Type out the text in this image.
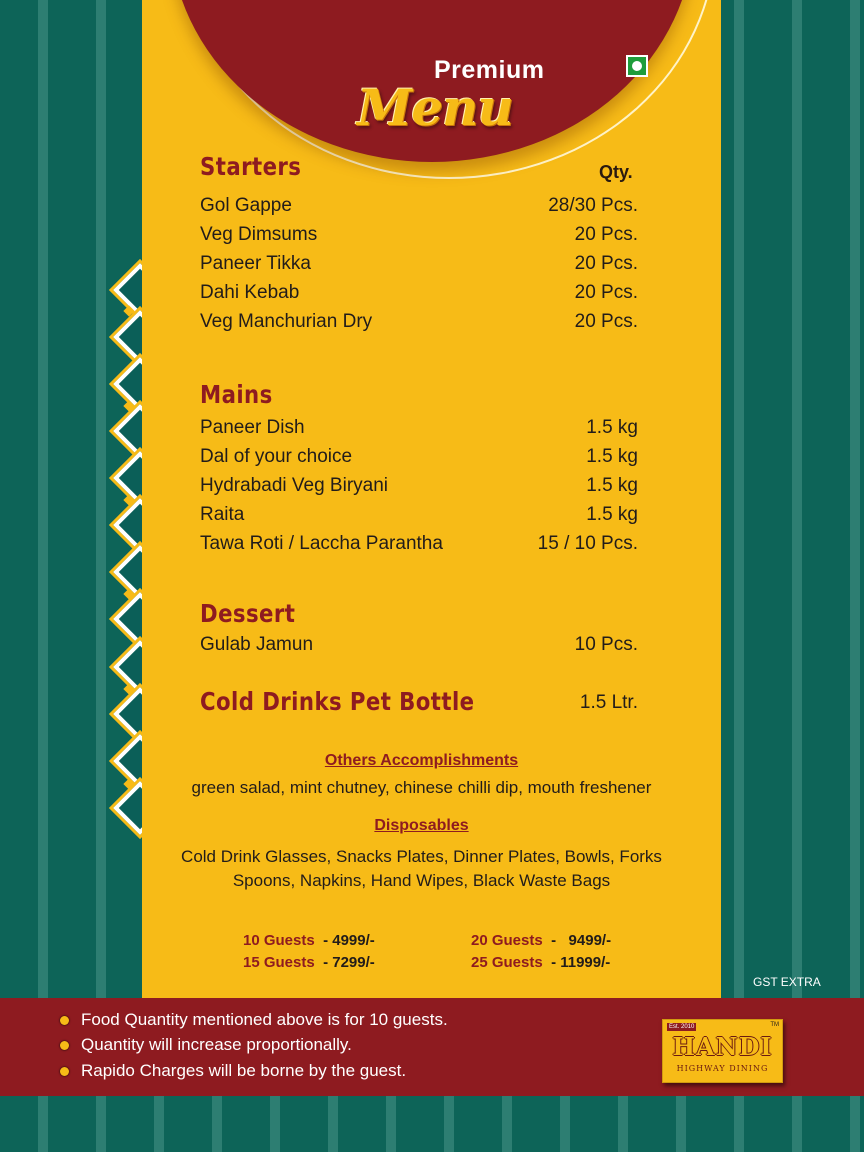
Premium
Menu
Starters	Qty.
Gol Gappe	28/30 Pcs.
Veg Dimsums	20 Pcs.
Paneer Tikka	20 Pcs.
Dahi Kebab	20 Pcs.
Veg Manchurian Dry	20 Pcs.
Mains
Paneer Dish	1.5 kg
Dal of your choice	1.5 kg
Hydrabadi Veg Biryani	1.5 kg
Raita	1.5 kg
Tawa Roti / Laccha Parantha	15 / 10 Pcs.
Dessert
Gulab Jamun	10 Pcs.
Cold Drinks Pet Bottle	1.5 Ltr.
Others Accomplishments
green salad, mint chutney, chinese chilli dip, mouth freshener
Disposables
Cold Drink Glasses, Snacks Plates, Dinner Plates, Bowls, Forks
Spoons, Napkins, Hand Wipes, Black Waste Bags
10 Guests - 4999/-
15 Guests - 7299/-
20 Guests -   9499/-
25 Guests - 11999/-
GST EXTRA
Food Quantity mentioned above is for 10 guests.
Quantity will increase proportionally.
Rapido Charges will be borne by the guest.
Est. 2010	TM
HANDI
HIGHWAY DINING
